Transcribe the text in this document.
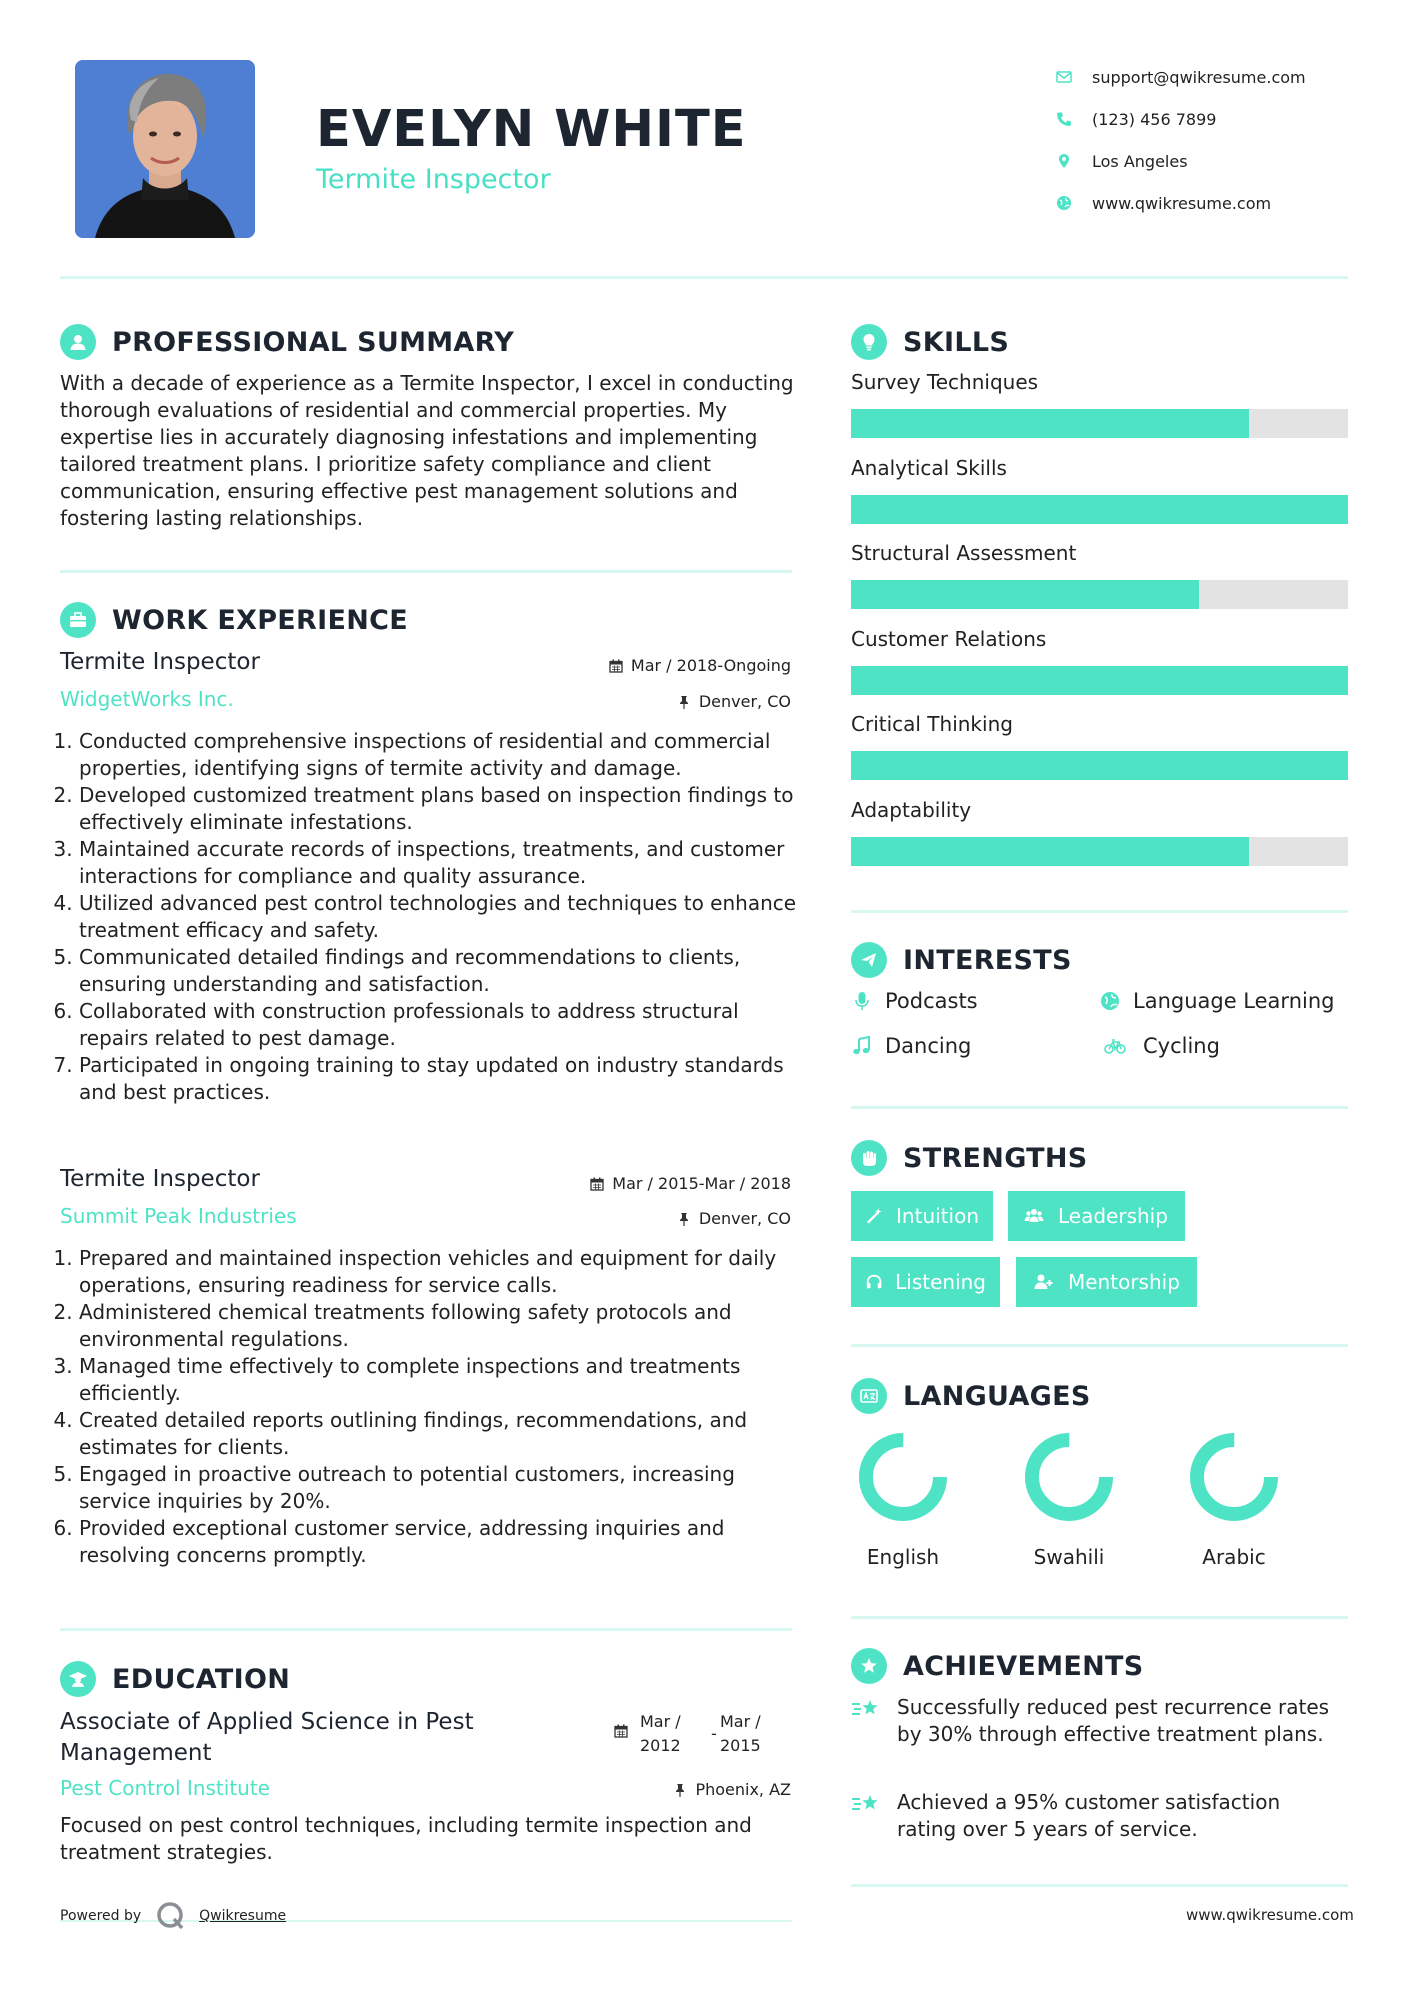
EVELYN WHITE
Termite Inspector
support@qwikresume.com
(123) 456 7899
Los Angeles
www.qwikresume.com
PROFESSIONAL SUMMARY
With a decade of experience as a Termite Inspector, I excel in conducting thorough evaluations of residential and commercial properties. My expertise lies in accurately diagnosing infestations and implementing tailored treatment plans. I prioritize safety compliance and client communication, ensuring effective pest management solutions and fostering lasting relationships.
WORK EXPERIENCE
Termite Inspector	Mar / 2018-Ongoing
WidgetWorks Inc.	Denver, CO
1. Conducted comprehensive inspections of residential and commercial properties, identifying signs of termite activity and damage.
2. Developed customized treatment plans based on inspection findings to effectively eliminate infestations.
3. Maintained accurate records of inspections, treatments, and customer interactions for compliance and quality assurance.
4. Utilized advanced pest control technologies and techniques to enhance treatment efficacy and safety.
5. Communicated detailed findings and recommendations to clients, ensuring understanding and satisfaction.
6. Collaborated with construction professionals to address structural repairs related to pest damage.
7. Participated in ongoing training to stay updated on industry standards and best practices.
Termite Inspector	Mar / 2015-Mar / 2018
Summit Peak Industries	Denver, CO
1. Prepared and maintained inspection vehicles and equipment for daily operations, ensuring readiness for service calls.
2. Administered chemical treatments following safety protocols and environmental regulations.
3. Managed time effectively to complete inspections and treatments efficiently.
4. Created detailed reports outlining findings, recommendations, and estimates for clients.
5. Engaged in proactive outreach to potential customers, increasing service inquiries by 20%.
6. Provided exceptional customer service, addressing inquiries and resolving concerns promptly.
EDUCATION
Associate of Applied Science in Pest Management
Mar /
2012
-
Mar /
2015
Pest Control Institute	Phoenix, AZ
Focused on pest control techniques, including termite inspection and treatment strategies.
Powered by	Qwikresume
SKILLS
Survey Techniques
Analytical Skills
Structural Assessment
Customer Relations
Critical Thinking
Adaptability
INTERESTS
Podcasts	Language Learning
Dancing	Cycling
STRENGTHS
Intuition	Leadership
Listening	Mentorship
LANGUAGES
English	Swahili	Arabic
ACHIEVEMENTS
Successfully reduced pest recurrence rates by 30% through effective treatment plans.
Achieved a 95% customer satisfaction rating over 5 years of service.
www.qwikresume.com
